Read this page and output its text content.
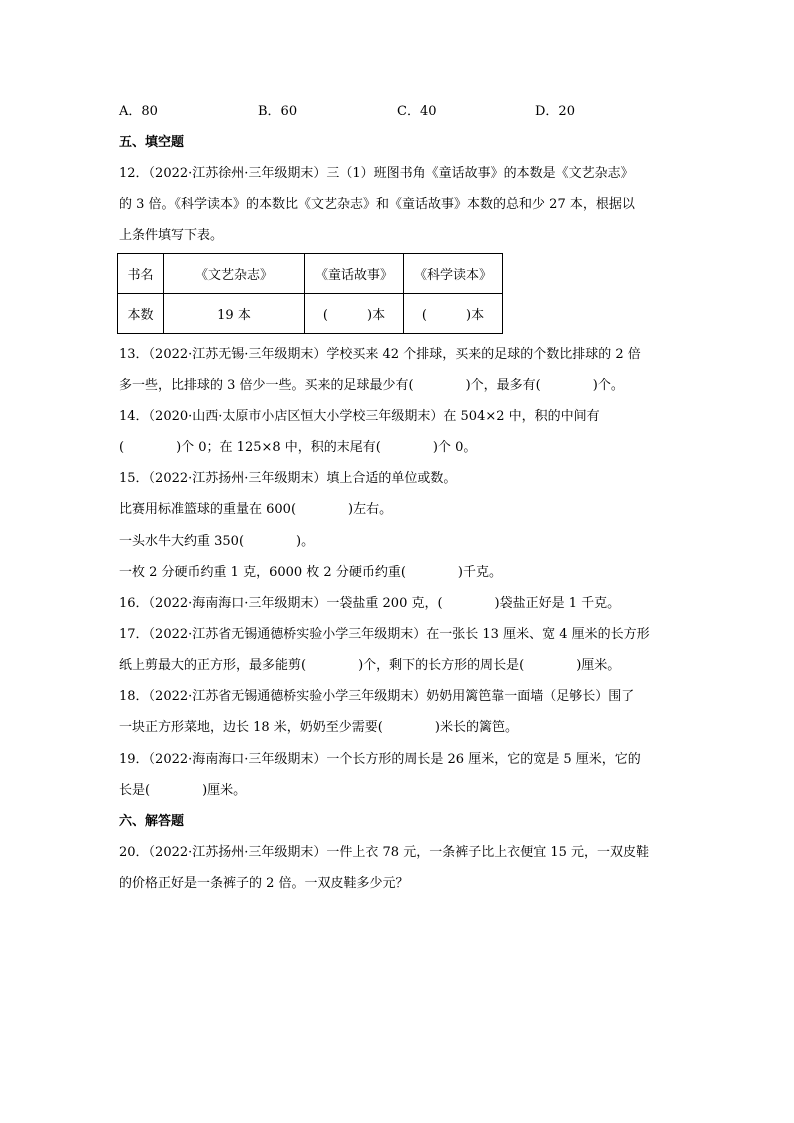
A．80	B．60	C．40	D．20
五、填空题
12．（2022·江苏徐州·三年级期末）三（1）班图书角《童话故事》的本数是《文艺杂志》
的 3 倍。《科学读本》的本数比《文艺杂志》和《童话故事》本数的总和少 27 本，根据以
上条件填写下表。
书名	《文艺杂志》	《童话故事》	《科学读本》
本数	19 本	(　　　)本	(　　　)本
13．（2022·江苏无锡·三年级期末）学校买来 42 个排球，买来的足球的个数比排球的 2 倍
多一些，比排球的 3 倍少一些。买来的足球最少有(　　　　)个，最多有(　　　　)个。
14．（2020·山西·太原市小店区恒大小学校三年级期末）在 504×2 中，积的中间有
(　　　　)个 0；在 125×8 中，积的末尾有(　　　　)个 0。
15．（2022·江苏扬州·三年级期末）填上合适的单位或数。
比赛用标准篮球的重量在 600(　　　　)左右。
一头水牛大约重 350(　　　　)。
一枚 2 分硬币约重 1 克，6000 枚 2 分硬币约重(　　　　)千克。
16．（2022·海南海口·三年级期末）一袋盐重 200 克，(　　　　)袋盐正好是 1 千克。
17．（2022·江苏省无锡通德桥实验小学三年级期末）在一张长 13 厘米、宽 4 厘米的长方形
纸上剪最大的正方形，最多能剪(　　　　)个，剩下的长方形的周长是(　　　　)厘米。
18．（2022·江苏省无锡通德桥实验小学三年级期末）奶奶用篱笆靠一面墙（足够长）围了
一块正方形菜地，边长 18 米，奶奶至少需要(　　　　)米长的篱笆。
19．（2022·海南海口·三年级期末）一个长方形的周长是 26 厘米，它的宽是 5 厘米，它的
长是(　　　　)厘米。
六、解答题
20．（2022·江苏扬州·三年级期末）一件上衣 78 元，一条裤子比上衣便宜 15 元，一双皮鞋
的价格正好是一条裤子的 2 倍。一双皮鞋多少元？
